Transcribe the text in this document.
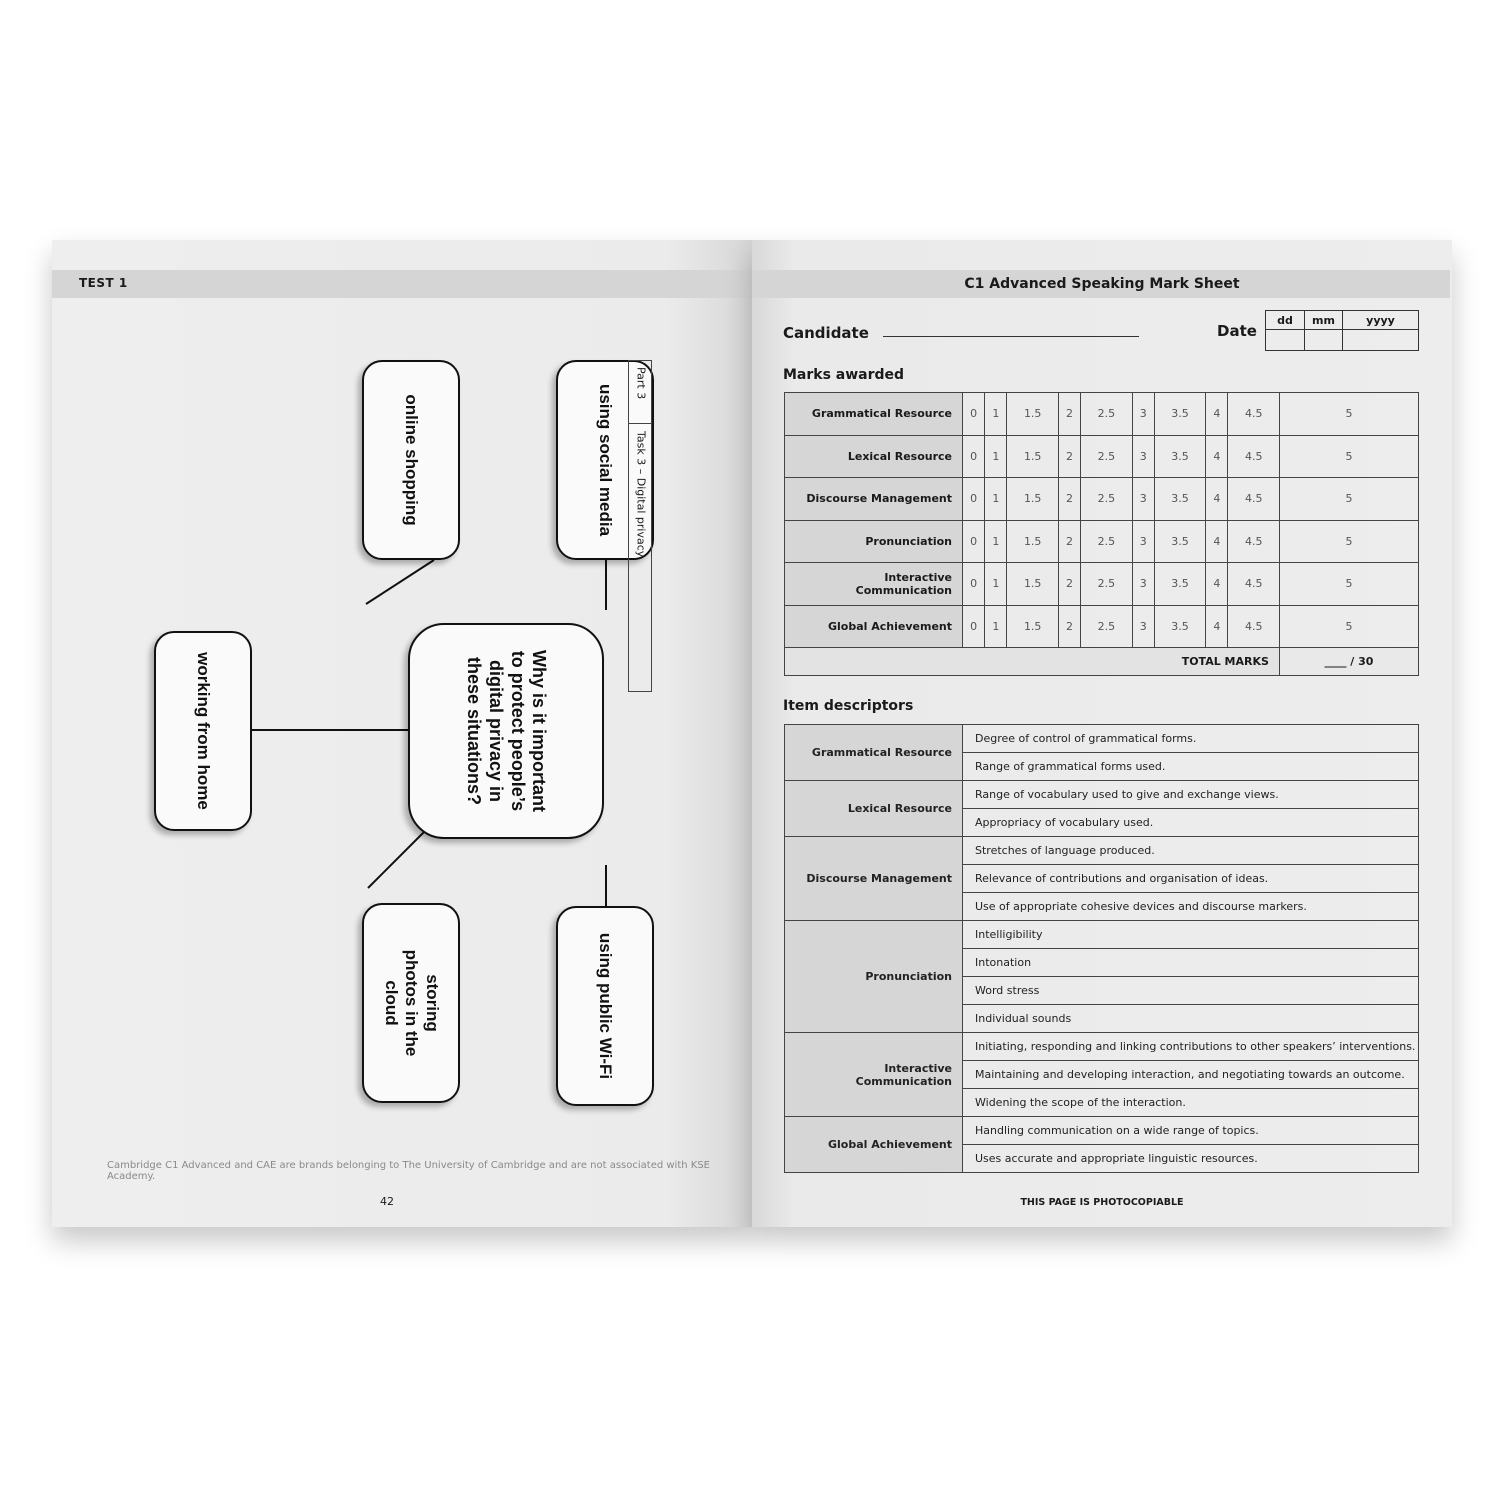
TEST 1
using social media
online shopping
Why is it important to protect people’s digital privacy in these situations?
working from home
using public Wi-Fi
storing photos in the cloud
Part 3
Task 3 – Digital privacy
Cambridge C1 Advanced and CAE are brands belonging to The University of Cambridge and are not associated with KSE Academy.
42
C1 Advanced Speaking Mark Sheet
Candidate	Date
dd	mm	yyyy

Marks awarded
Grammatical Resource	0	1	1.5	2	2.5	3	3.5	4	4.5	5
Lexical Resource	0	1	1.5	2	2.5	3	3.5	4	4.5	5
Discourse Management	0	1	1.5	2	2.5	3	3.5	4	4.5	5
Pronunciation	0	1	1.5	2	2.5	3	3.5	4	4.5	5
Interactive Communication	0	1	1.5	2	2.5	3	3.5	4	4.5	5
Global Achievement	0	1	1.5	2	2.5	3	3.5	4	4.5	5
TOTAL MARKS										____ / 30
Item descriptors
Grammatical Resource	Degree of control of grammatical forms.
	Range of grammatical forms used.
Lexical Resource	Range of vocabulary used to give and exchange views.
	Appropriacy of vocabulary used.
Discourse Management	Stretches of language produced.
	Relevance of contributions and organisation of ideas.
	Use of appropriate cohesive devices and discourse markers.
Pronunciation	Intelligibility
	Intonation
	Word stress
	Individual sounds
Interactive Communication	Initiating, responding and linking contributions to other speakers’ interventions.
	Maintaining and developing interaction, and negotiating towards an outcome.
	Widening the scope of the interaction.
Global Achievement	Handling communication on a wide range of topics.
	Uses accurate and appropriate linguistic resources.
THIS PAGE IS PHOTOCOPIABLE
